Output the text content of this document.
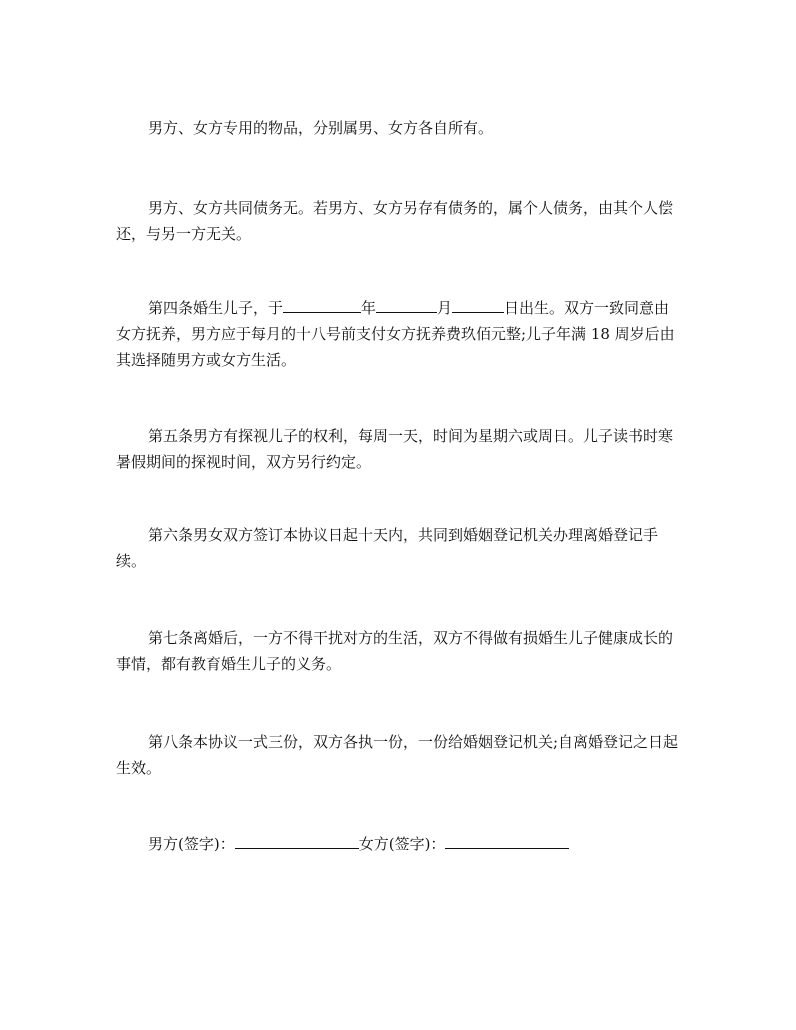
男方、女方专用的物品，分别属男、女方各自所有。

男方、女方共同债务无。若男方、女方另存有债务的，属个人债务，由其个人偿还，与另一方无关。

第四条婚生儿子，于	年	月	日出生。双方一致同意由女方抚养，男方应于每月的十八号前支付女方抚养费玖佰元整;儿子年满 18 周岁后由其选择随男方或女方生活。

第五条男方有探视儿子的权利，每周一天，时间为星期六或周日。儿子读书时寒暑假期间的探视时间，双方另行约定。

第六条男女双方签订本协议日起十天内，共同到婚姻登记机关办理离婚登记手续。

第七条离婚后，一方不得干扰对方的生活，双方不得做有损婚生儿子健康成长的事情，都有教育婚生儿子的义务。

第八条本协议一式三份，双方各执一份，一份给婚姻登记机关;自离婚登记之日起生效。

男方(签字)：	女方(签字)：
